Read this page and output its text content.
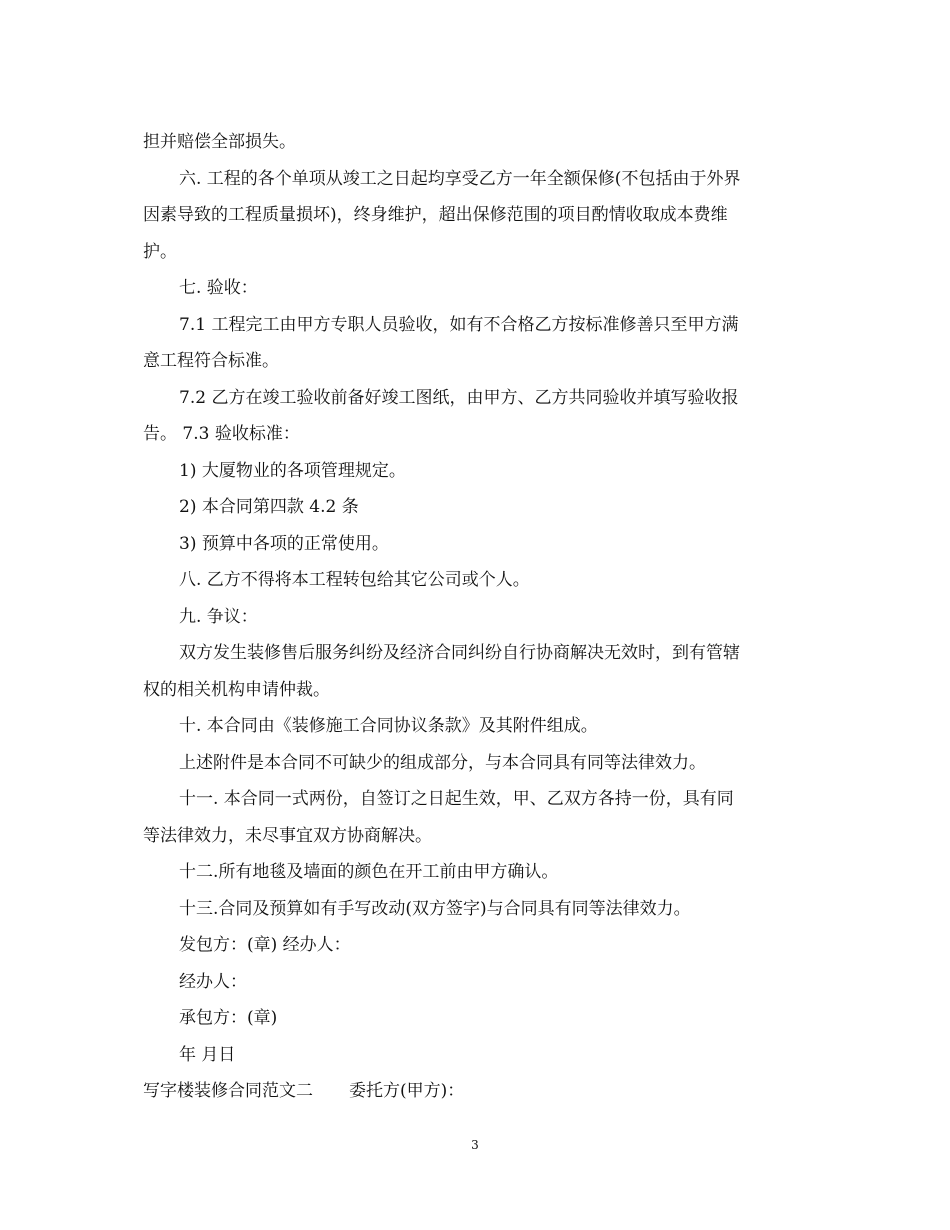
担并赔偿全部损失。
六. 工程的各个单项从竣工之日起均享受乙方一年全额保修(不包括由于外界
因素导致的工程质量损坏)，终身维护，超出保修范围的项目酌情收取成本费维
护。
七. 验收：
7.1 工程完工由甲方专职人员验收，如有不合格乙方按标准修善只至甲方满
意工程符合标准。
7.2 乙方在竣工验收前备好竣工图纸，由甲方、乙方共同验收并填写验收报
告。 7.3 验收标准：
1) 大厦物业的各项管理规定。
2) 本合同第四款 4.2 条
3) 预算中各项的正常使用。
八. 乙方不得将本工程转包给其它公司或个人。
九. 争议：
双方发生装修售后服务纠纷及经济合同纠纷自行协商解决无效时，到有管辖
权的相关机构申请仲裁。
十. 本合同由《装修施工合同协议条款》及其附件组成。
上述附件是本合同不可缺少的组成部分，与本合同具有同等法律效力。
十一. 本合同一式两份，自签订之日起生效，甲、乙双方各持一份，具有同
等法律效力，未尽事宜双方协商解决。
十二.所有地毯及墙面的颜色在开工前由甲方确认。
十三.合同及预算如有手写改动(双方签字)与合同具有同等法律效力。
发包方：(章) 经办人：
经办人：
承包方：(章)
年 月日
写字楼装修合同范文二 委托方(甲方)：
3
